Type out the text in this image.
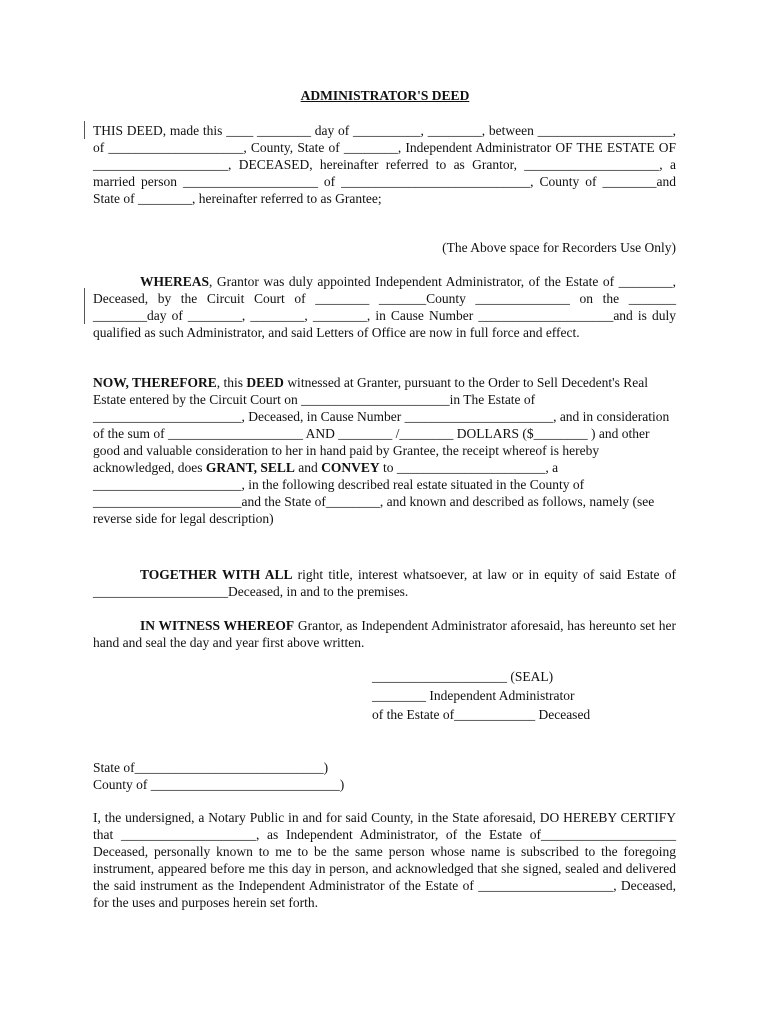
ADMINISTRATOR'S DEED
THIS DEED, made this ____ ________ day of __________, ________, between ____________________, of ____________________, County, State of ________, Independent Administrator OF THE ESTATE OF ____________________, DECEASED, hereinafter referred to as Grantor, ____________________, a married person ____________________ of ____________________________, County of ________and State of ________, hereinafter referred to as Grantee;
(The Above space for Recorders Use Only)
WHEREAS, Grantor was duly appointed Independent Administrator, of the Estate of ________, Deceased, by the Circuit Court of ________ _______County ______________ on the _______ ________day of ________, ________, ________, in Cause Number ____________________and is duly qualified as such Administrator, and said Letters of Office are now in full force and effect.
NOW, THEREFORE, this DEED witnessed at Granter, pursuant to the Order to Sell Decedent's Real Estate entered by the Circuit Court on ______________________in The Estate of ______________________, Deceased, in Cause Number ______________________, and in consideration of the sum of ____________________ AND ________ /________ DOLLARS ($________ ) and other good and valuable consideration to her in hand paid by Grantee, the receipt whereof is hereby acknowledged, does GRANT, SELL and CONVEY to ______________________, a ______________________, in the following described real estate situated in the County of ______________________and the State of________, and known and described as follows, namely (see reverse side for legal description)
TOGETHER WITH ALL right title, interest whatsoever, at law or in equity of said Estate of ____________________Deceased, in and to the premises.
IN WITNESS WHEREOF Grantor, as Independent Administrator aforesaid, has hereunto set her hand and seal the day and year first above written.
____________________ (SEAL)
________ Independent Administrator
of the Estate of____________ Deceased
State of____________________________)
County of ____________________________)
I, the undersigned, a Notary Public in and for said County, in the State aforesaid, DO HEREBY CERTIFY that ____________________, as Independent Administrator, of the Estate of____________________ Deceased, personally known to me to be the same person whose name is subscribed to the foregoing instrument, appeared before me this day in person, and acknowledged that she signed, sealed and delivered the said instrument as the Independent Administrator of the Estate of ____________________, Deceased, for the uses and purposes herein set forth.
